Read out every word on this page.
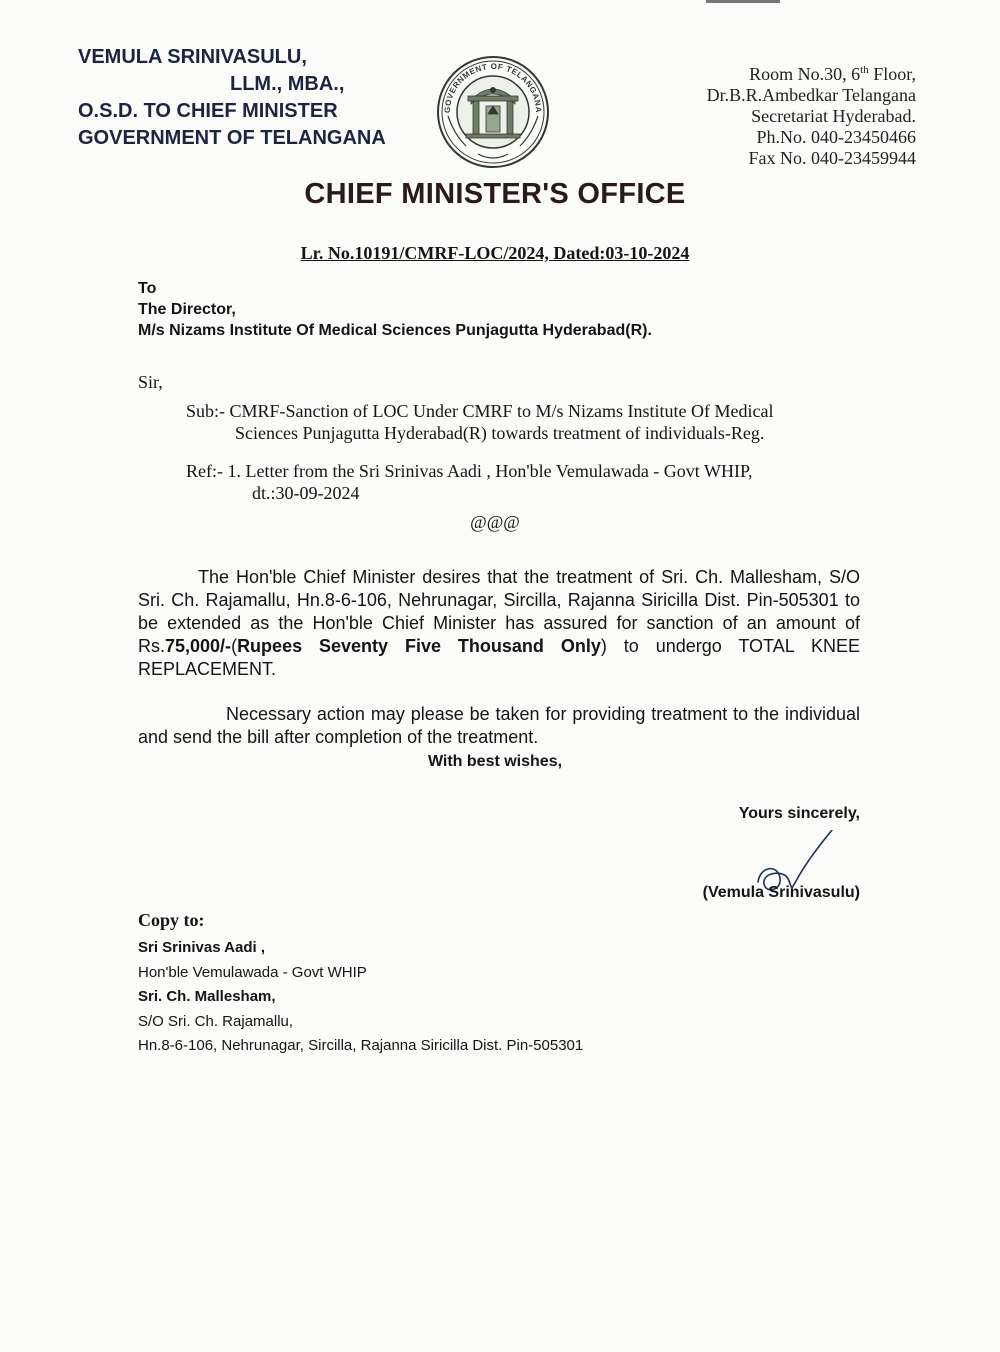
VEMULA SRINIVASULU,
LLM., MBA.,
O.S.D. TO CHIEF MINISTER
GOVERNMENT OF TELANGANA
GOVERNMENT OF TELANGANA
Room No.30, 6th Floor,
Dr.B.R.Ambedkar Telangana
Secretariat Hyderabad.
Ph.No. 040-23450466
Fax No. 040-23459944
CHIEF MINISTER'S OFFICE
Lr. No.10191/CMRF-LOC/2024, Dated:03-10-2024
To
The Director,
M/s Nizams Institute Of Medical Sciences Punjagutta Hyderabad(R).
Sir,
Sub:- CMRF-Sanction of LOC Under CMRF to M/s Nizams Institute Of Medical
Sciences Punjagutta Hyderabad(R) towards treatment of individuals-Reg.
Ref:- 1. Letter from the Sri Srinivas Aadi , Hon'ble Vemulawada - Govt WHIP,
dt.:30-09-2024
@@@
The Hon'ble Chief Minister desires that the treatment of Sri. Ch. Mallesham, S/O Sri. Ch. Rajamallu, Hn.8-6-106, Nehrunagar, Sircilla, Rajanna Siricilla Dist. Pin-505301 to be extended as the Hon'ble Chief Minister has assured for sanction of an amount of Rs.75,000/-(Rupees Seventy Five Thousand Only) to undergo TOTAL KNEE REPLACEMENT.
Necessary action may please be taken for providing treatment to the individual and send the bill after completion of the treatment.
With best wishes,
Yours sincerely,
(Vemula Srinivasulu)
Copy to:
Sri Srinivas Aadi ,
Hon'ble Vemulawada - Govt WHIP
Sri. Ch. Mallesham,
S/O Sri. Ch. Rajamallu,
Hn.8-6-106, Nehrunagar, Sircilla, Rajanna Siricilla Dist. Pin-505301
